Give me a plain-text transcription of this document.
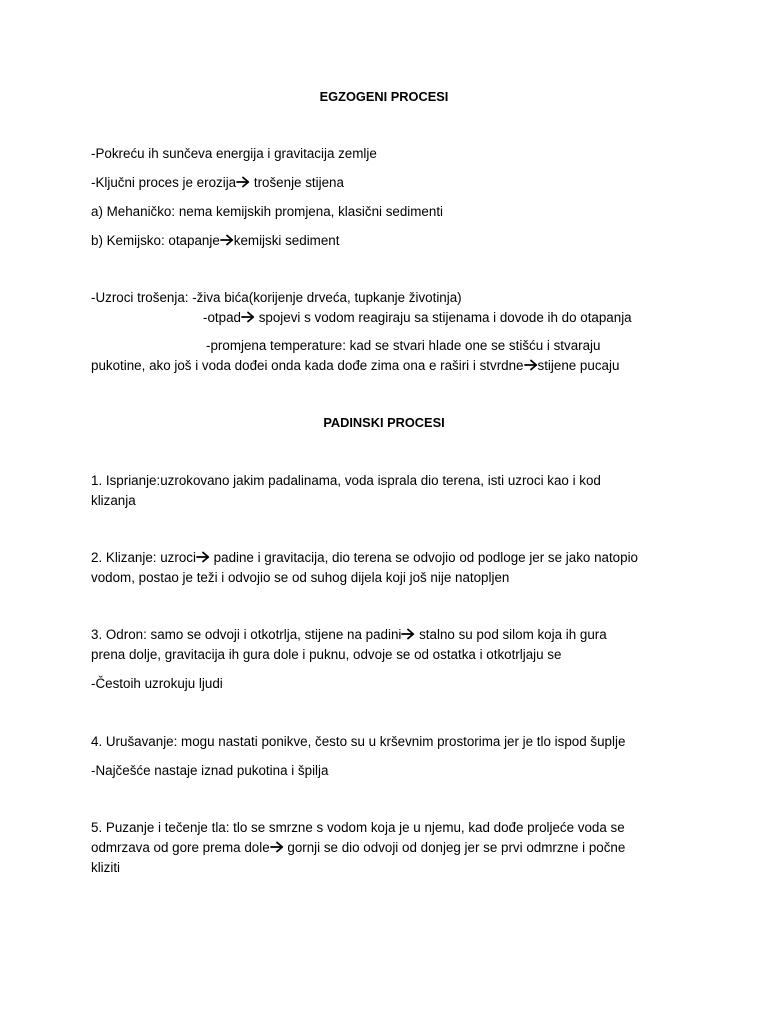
EGZOGENI PROCESI
-Pokreću ih sunčeva energija i gravitacija zemlje
-Ključni proces je erozija
trošenje stijena
a) Mehaničko: nema kemijskih promjena, klasični sedimenti
b) Kemijsko: otapanje kemijski sediment
-Uzroci trošenja: -živa bića(korijenje drveća, tupkanje životinja)
-otpad
spojevi s vodom reagiraju sa stijenama i dovode ih do otapanja
-promjena temperature: kad se stvari hlade one se stišću i stvaraju
pukotine, ako još i voda dođei onda kada dođe zima ona e raširi i stvrdne stijene pucaju
PADINSKI PROCESI
1. Isprianje:uzrokovano jakim padalinama, voda isprala dio terena, isti uzroci kao i kod
klizanja
2. Klizanje: uzroci
padine i gravitacija, dio terena se odvojio od podloge jer se jako natopio
vodom, postao je teži i odvojio se od suhog dijela koji još nije natopljen
3. Odron: samo se odvoji i otkotrlja, stijene na padini
stalno su pod silom koja ih gura
prena dolje, gravitacija ih gura dole i puknu, odvoje se od ostatka i otkotrljaju se
-Čestoih uzrokuju ljudi
4. Urušavanje: mogu nastati ponikve, često su u krševnim prostorima jer je tlo ispod šuplje
-Najčešće nastaje iznad pukotina i špilja
5. Puzanje i tečenje tla: tlo se smrzne s vodom koja je u njemu, kad dođe proljeće voda se
odmrzava od gore prema dole
gornji se dio odvoji od donjeg jer se prvi odmrzne i počne
kliziti
